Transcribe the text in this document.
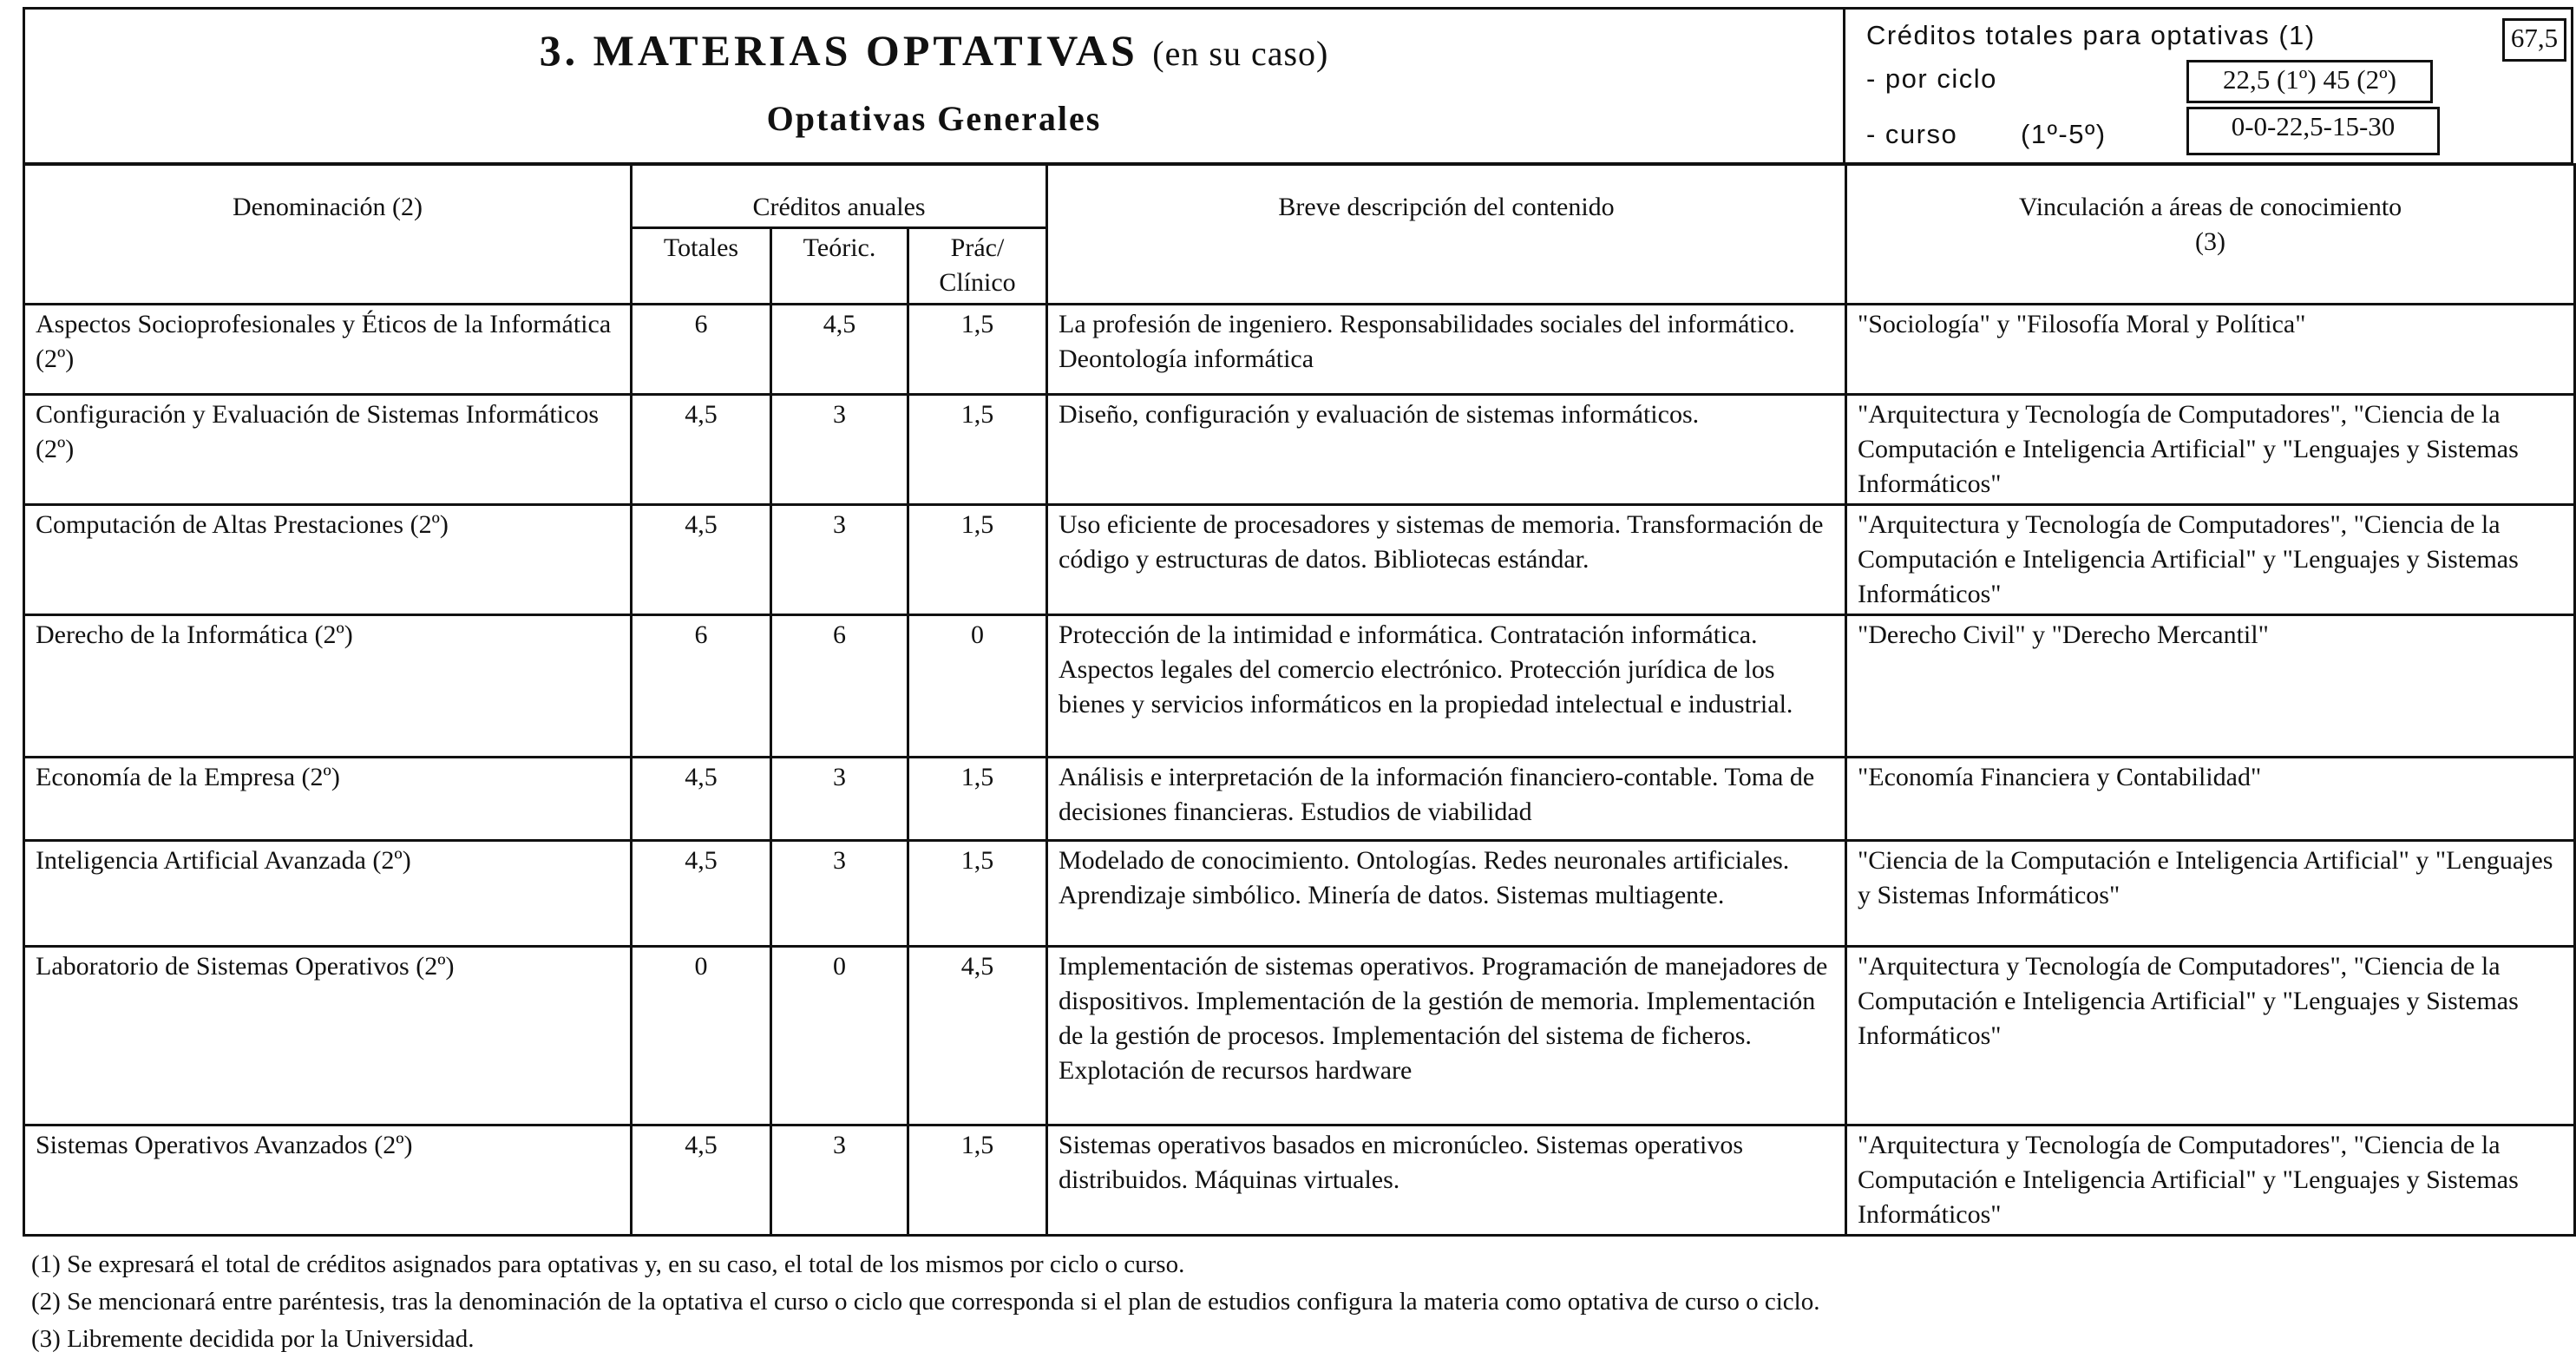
3. MATERIAS OPTATIVAS (en su caso)
Optativas Generales
Créditos totales para optativas (1)	67,5
- por ciclo	22,5 (1º) 45 (2º)
- curso (1º-5º)	0-0-22,5-15-30
Denominación (2)	Créditos anuales			Breve descripción del contenido	Vinculación a áreas de conocimiento
(3)

	Totales	Teóric.	Prác/
Clínico		

Aspectos Socioprofesionales y Éticos de la Informática (2º)	6	4,5	1,5	La profesión de ingeniero. Responsabilidades sociales del informático. Deontología informática	"Sociología" y "Filosofía Moral y Política"
Configuración y Evaluación de Sistemas Informáticos (2º)	4,5	3	1,5	Diseño, configuración y evaluación de sistemas informáticos.	"Arquitectura y Tecnología de Computadores", "Ciencia de la Computación e Inteligencia Artificial" y "Lenguajes y Sistemas Informáticos"
Computación de Altas Prestaciones (2º)	4,5	3	1,5	Uso eficiente de procesadores y sistemas de memoria. Transformación de código y estructuras de datos. Bibliotecas estándar.	"Arquitectura y Tecnología de Computadores", "Ciencia de la Computación e Inteligencia Artificial" y "Lenguajes y Sistemas Informáticos"
Derecho de la Informática (2º)	6	6	0	Protección de la intimidad e informática. Contratación informática. Aspectos legales del comercio electrónico. Protección jurídica de los bienes y servicios informáticos en la propiedad intelectual e industrial.	"Derecho Civil" y "Derecho Mercantil"
Economía de la Empresa (2º)	4,5	3	1,5	Análisis e interpretación de la información financiero-contable. Toma de decisiones financieras. Estudios de viabilidad	"Economía Financiera y Contabilidad"
Inteligencia Artificial Avanzada (2º)	4,5	3	1,5	Modelado de conocimiento. Ontologías. Redes neuronales artificiales. Aprendizaje simbólico. Minería de datos. Sistemas multiagente.	"Ciencia de la Computación e Inteligencia Artificial" y "Lenguajes y Sistemas Informáticos"
Laboratorio de Sistemas Operativos (2º)	0	0	4,5	Implementación de sistemas operativos. Programación de manejadores de dispositivos. Implementación de la gestión de memoria. Implementación de la gestión de procesos. Implementación del sistema de ficheros. Explotación de recursos hardware	"Arquitectura y Tecnología de Computadores", "Ciencia de la Computación e Inteligencia Artificial" y "Lenguajes y Sistemas Informáticos"
Sistemas Operativos Avanzados (2º)	4,5	3	1,5	Sistemas operativos basados en micronúcleo. Sistemas operativos distribuidos. Máquinas virtuales.	"Arquitectura y Tecnología de Computadores", "Ciencia de la Computación e Inteligencia Artificial" y "Lenguajes y Sistemas Informáticos"
(1) Se expresará el total de créditos asignados para optativas y, en su caso, el total de los mismos por ciclo o curso.
(2) Se mencionará entre paréntesis, tras la denominación de la optativa el curso o ciclo que corresponda si el plan de estudios configura la materia como optativa de curso o ciclo.
(3) Libremente decidida por la Universidad.
